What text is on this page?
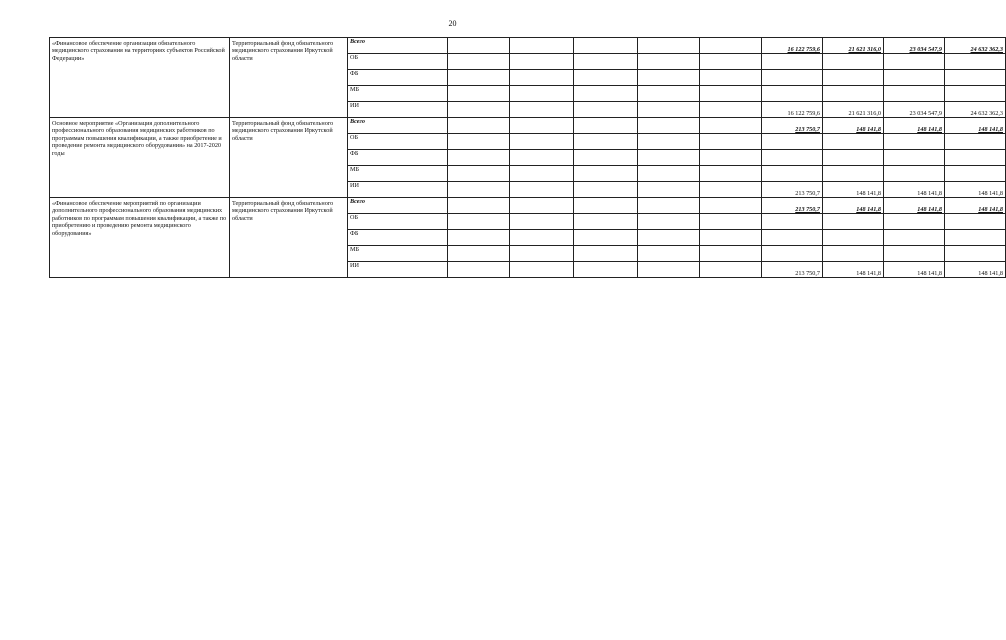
20
«Финансовое обеспечение организации обязательного медицинского страхования на территориях субъектов Российской Федерации»	Территориальный фонд обязательного медицинского страхования Иркутской области	Всего						16 122 759,6	21 621 316,0	23 034 547,9	24 632 362,3
		ОБ									
		ФБ									
		МБ									
		ИИ						16 122 759,6	21 621 316,0	23 034 547,9	24 632 362,3
Основное мероприятие «Организация дополнительного профессионального образования медицинских работников по программам повышения квалификации, а также приобретение и проведение ремонта медицинского оборудования» на 2017-2020 годы	Территориальный фонд обязательного медицинского страхования Иркутской области	Всего						213 750,7	148 141,8	148 141,8	148 141,8
		ОБ									
		ФБ									
		МБ									
		ИИ						213 750,7	148 141,8	148 141,8	148 141,8
«Финансовое обеспечение мероприятий по организации дополнительного профессионального образования медицинских работников по программам повышения квалификации, а также по приобретению и проведению ремонта медицинского оборудования»	Территориальный фонд обязательного медицинского страхования Иркутской области	Всего						213 750,7	148 141,8	148 141,8	148 141,8
		ОБ									
		ФБ									
		МБ									
		ИИ						213 750,7	148 141,8	148 141,8	148 141,8
